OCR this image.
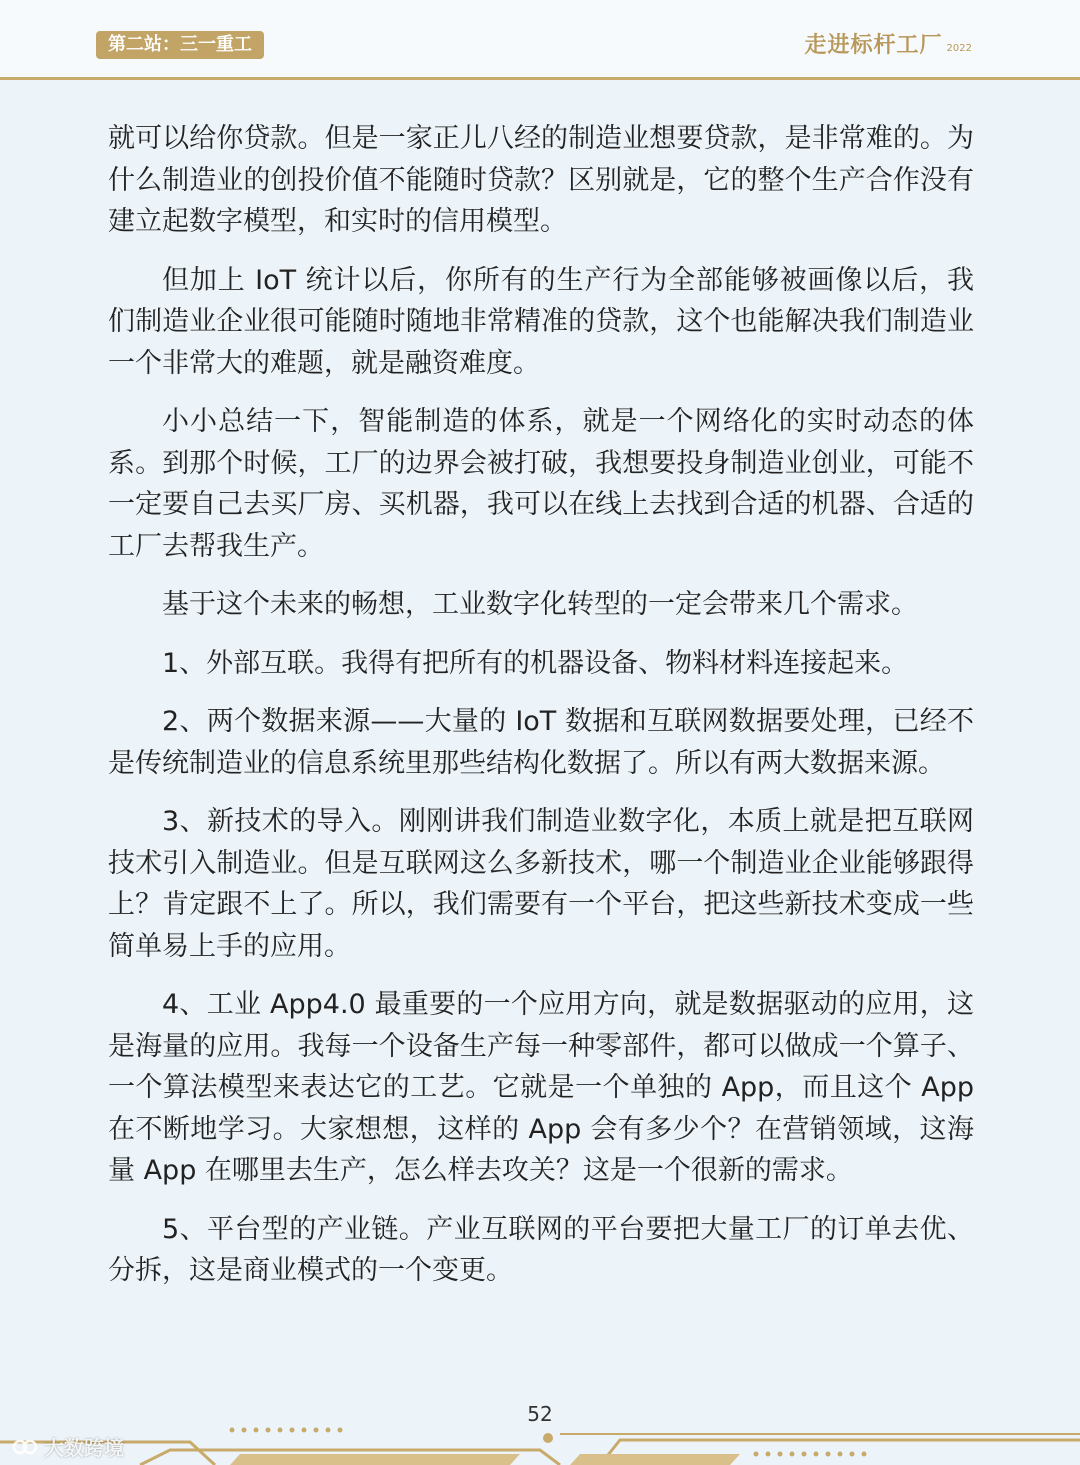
第二站：三一重工	走进标杆工厂 2022

就可以给你贷款。但是一家正儿八经的制造业想要贷款，是非常难的。为什么制造业的创投价值不能随时贷款？区别就是，它的整个生产合作没有建立起数字模型，和实时的信用模型。

但加上 IoT 统计以后，你所有的生产行为全部能够被画像以后，我们制造业企业很可能随时随地非常精准的贷款，这个也能解决我们制造业一个非常大的难题，就是融资难度。

小小总结一下，智能制造的体系，就是一个网络化的实时动态的体系。到那个时候，工厂的边界会被打破，我想要投身制造业创业，可能不一定要自己去买厂房、买机器，我可以在线上去找到合适的机器、合适的工厂去帮我生产。

基于这个未来的畅想，工业数字化转型的一定会带来几个需求。

1、外部互联。我得有把所有的机器设备、物料材料连接起来。

2、两个数据来源——大量的 IoT 数据和互联网数据要处理，已经不是传统制造业的信息系统里那些结构化数据了。所以有两大数据来源。

3、新技术的导入。刚刚讲我们制造业数字化，本质上就是把互联网技术引入制造业。但是互联网这么多新技术，哪一个制造业企业能够跟得上？肯定跟不上了。所以，我们需要有一个平台，把这些新技术变成一些简单易上手的应用。

4、工业 App4.0 最重要的一个应用方向，就是数据驱动的应用，这是海量的应用。我每一个设备生产每一种零部件，都可以做成一个算子、一个算法模型来表达它的工艺。它就是一个单独的 App，而且这个 App 在不断地学习。大家想想，这样的 App 会有多少个？在营销领域，这海量 App 在哪里去生产，怎么样去攻关？这是一个很新的需求。

5、平台型的产业链。产业互联网的平台要把大量工厂的订单去优、分拆，这是商业模式的一个变更。

52
大数跨境
